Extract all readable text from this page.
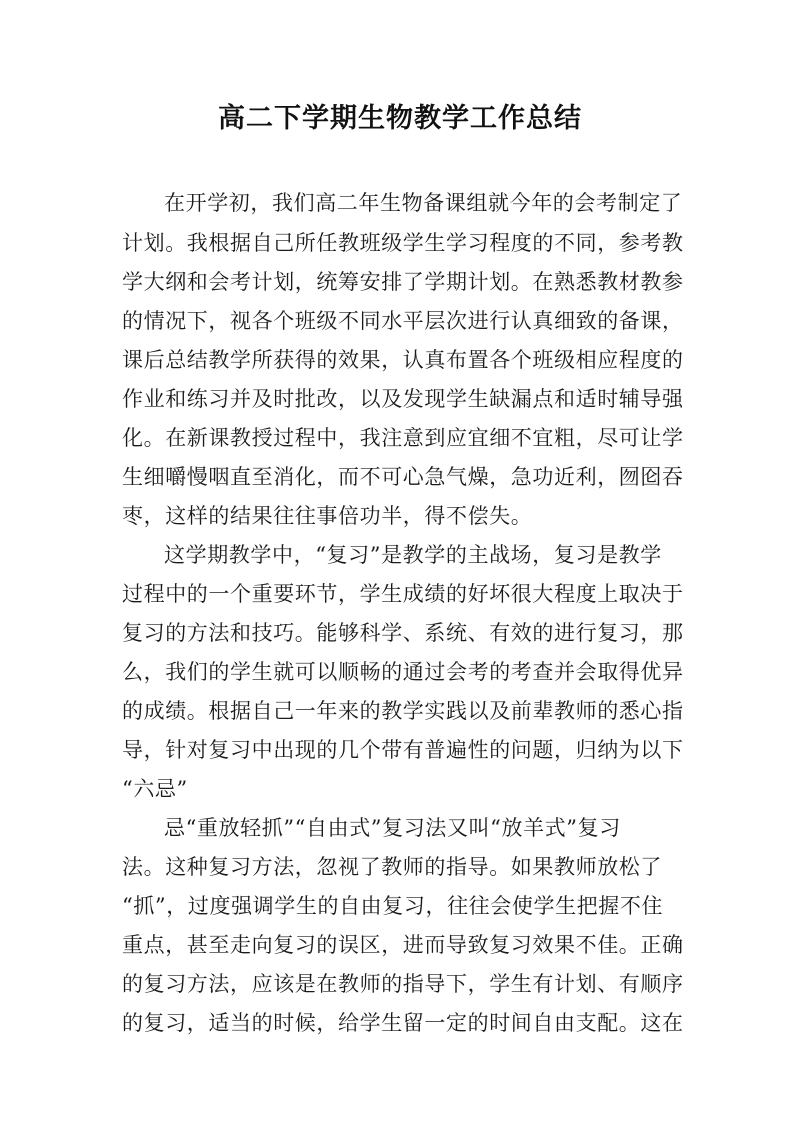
高二下学期生物教学工作总结
在开学初，我们高二年生物备课组就今年的会考制定了
计划。我根据自己所任教班级学生学习程度的不同，参考教
学大纲和会考计划，统筹安排了学期计划。在熟悉教材教参
的情况下，视各个班级不同水平层次进行认真细致的备课，
课后总结教学所获得的效果，认真布置各个班级相应程度的
作业和练习并及时批改，以及发现学生缺漏点和适时辅导强
化。在新课教授过程中，我注意到应宜细不宜粗，尽可让学
生细嚼慢咽直至消化，而不可心急气燥，急功近利，囫囵吞
枣，这样的结果往往事倍功半，得不偿失。
这学期教学中，“复习”是教学的主战场，复习是教学
过程中的一个重要环节，学生成绩的好坏很大程度上取决于
复习的方法和技巧。能够科学、系统、有效的进行复习，那
么，我们的学生就可以顺畅的通过会考的考查并会取得优异
的成绩。根据自己一年来的教学实践以及前辈教师的悉心指
导，针对复习中出现的几个带有普遍性的问题，归纳为以下
“六忌”
忌“重放轻抓”“自由式”复习法又叫“放羊式”复习
法。这种复习方法，忽视了教师的指导。如果教师放松了
“抓”，过度强调学生的自由复习，往往会使学生把握不住
重点，甚至走向复习的误区，进而导致复习效果不佳。正确
的复习方法，应该是在教师的指导下，学生有计划、有顺序
的复习，适当的时候，给学生留一定的时间自由支配。这在
